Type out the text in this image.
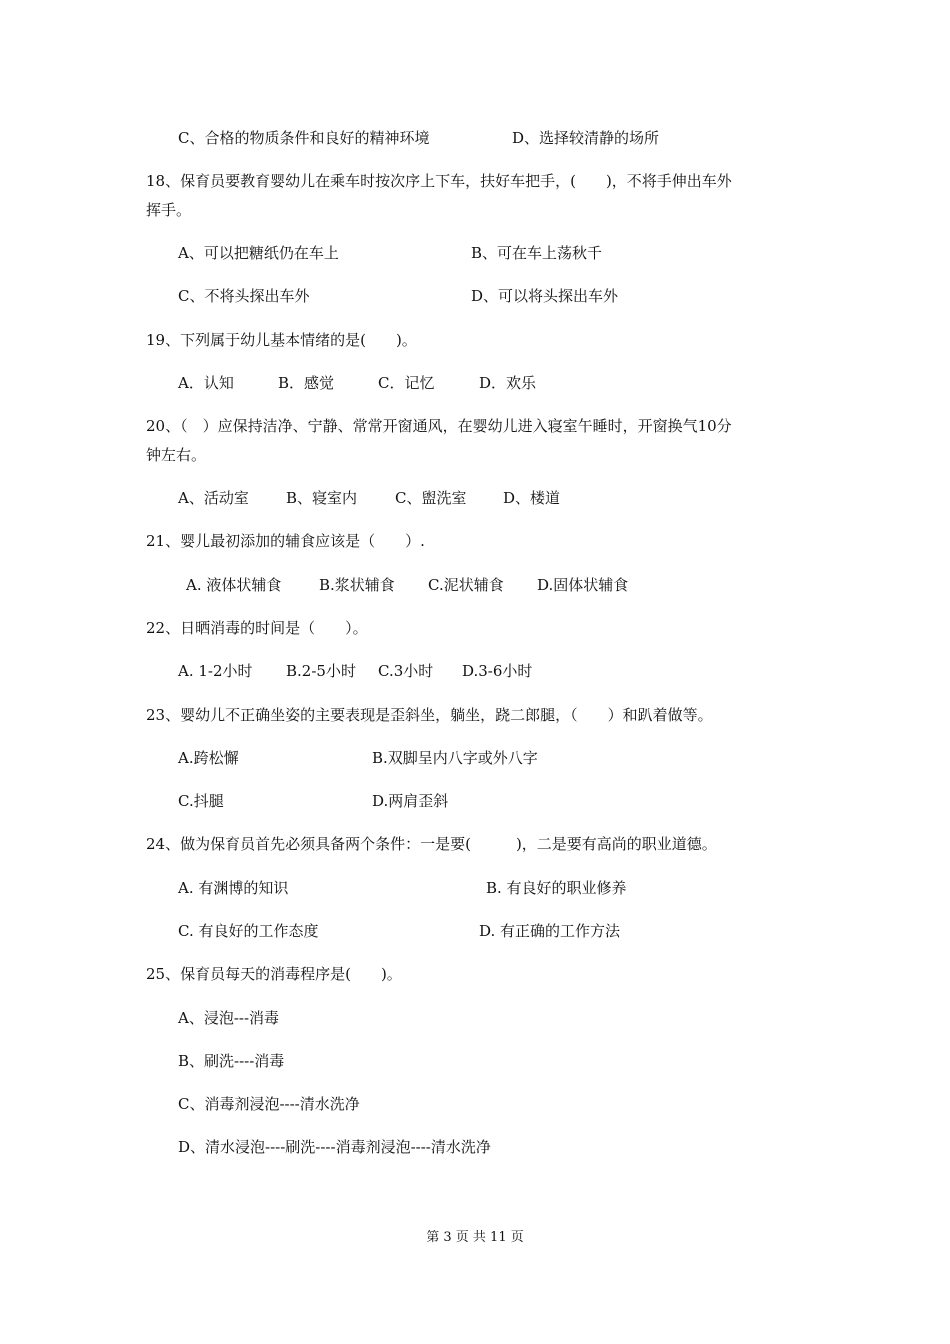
C、合格的物质条件和良好的精神环境	D、选择较清静的场所
18、保育员要教育婴幼儿在乘车时按次序上下车，扶好车把手，(　　)，不将手伸出车外
挥手。
A、可以把糖纸仍在车上	B、可在车上荡秋千
C、不将头探出车外	D、可以将头探出车外
19、下列属于幼儿基本情绪的是(　　)。
A．认知	B．感觉	C．记忆	D．欢乐
20、（　）应保持洁净、宁静、常常开窗通风，在婴幼儿进入寝室午睡时，开窗换气10分
钟左右。
A、活动室 B、寝室内	C、盥洗室 D、楼道
21、婴儿最初添加的辅食应该是（　　）.
A. 液体状辅食	B.浆状辅食 C.泥状辅食 D.固体状辅食
22、日晒消毒的时间是（　　）。
A. 1-2小时 B.2-5小时 C.3小时 D.3-6小时
23、婴幼儿不正确坐姿的主要表现是歪斜坐，躺坐，跷二郎腿，（　　）和趴着做等。
A.跨松懈	B.双脚呈内八字或外八字
C.抖腿	D.两肩歪斜
24、做为保育员首先必须具备两个条件：一是要(　　　)，二是要有高尚的职业道德。
A. 有渊博的知识	B. 有良好的职业修养
C. 有良好的工作态度	D. 有正确的工作方法
25、保育员每天的消毒程序是(　　)。
A、浸泡---消毒
B、刷洗----消毒
C、消毒剂浸泡----清水洗净
D、清水浸泡----刷洗----消毒剂浸泡----清水洗净
第 3 页 共 11 页
